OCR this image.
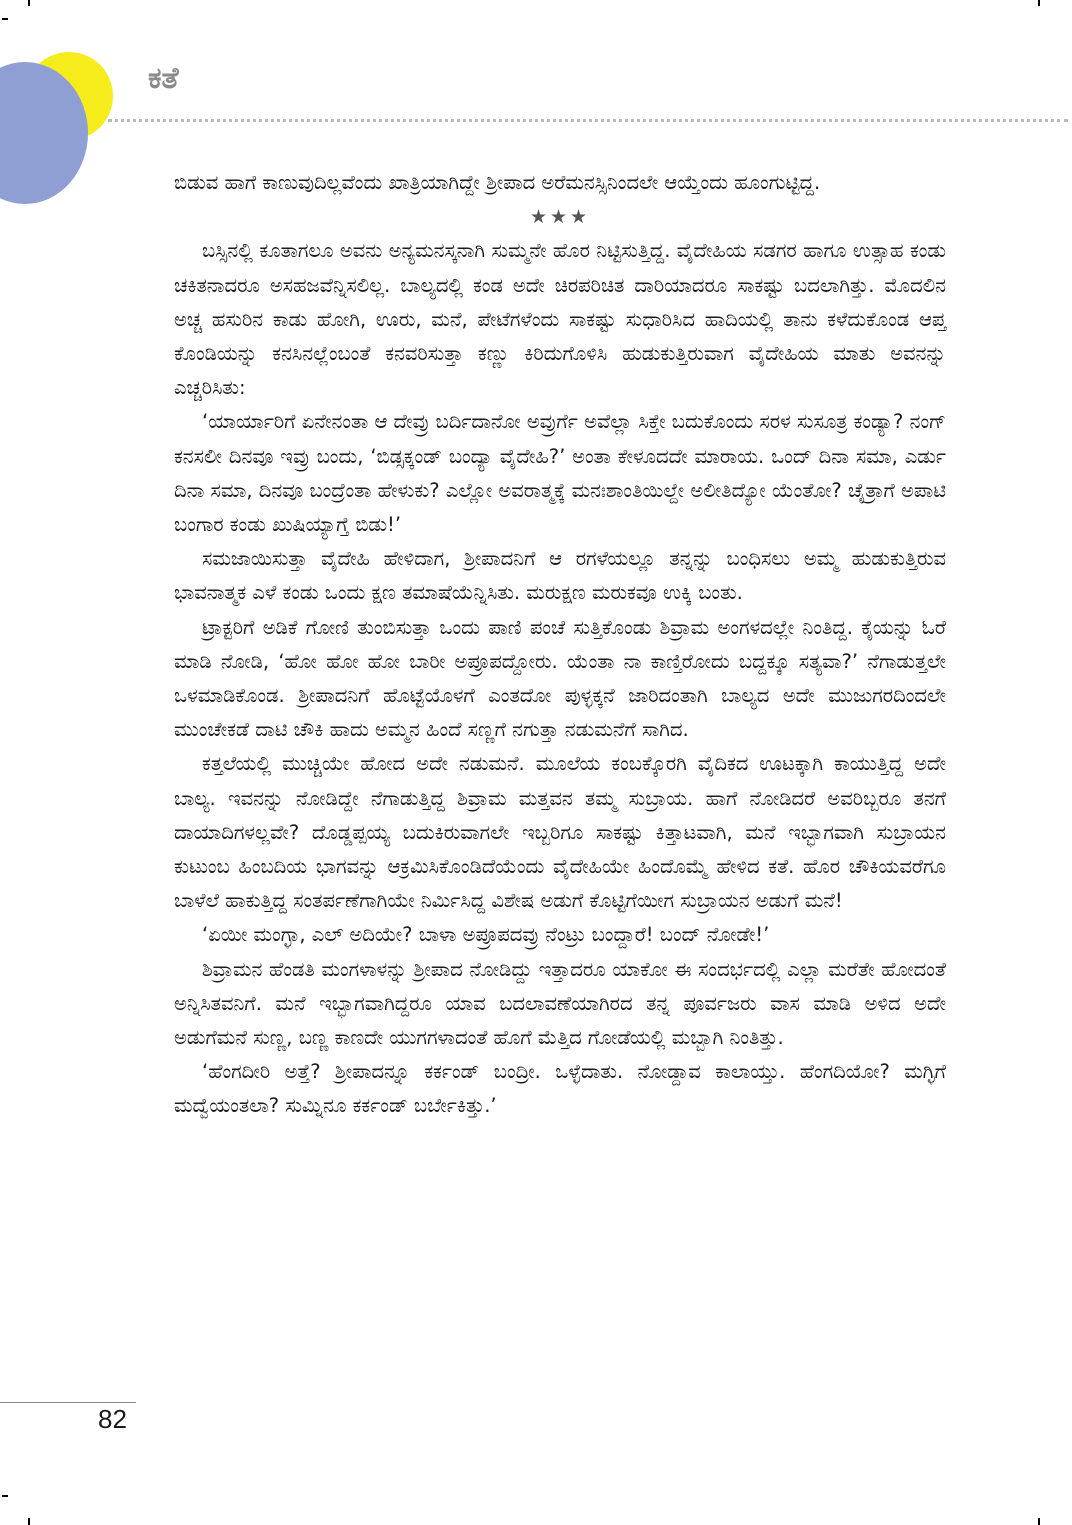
ಕತೆ

ಬಿಡುವ ಹಾಗೆ ಕಾಣುವುದಿಲ್ಲವೆಂದು ಖಾತ್ರಿಯಾಗಿದ್ದೇ ಶ್ರೀಪಾದ ಅರೆಮನಸ್ಸಿನಿಂದಲೇ ಆಯ್ತೆಂದು ಹೂಂಗುಟ್ಟಿದ್ದ.

★★★

ಬಸ್ಸಿನಲ್ಲಿ ಕೂತಾಗಲೂ ಅವನು ಅನ್ಯಮನಸ್ಕನಾಗಿ ಸುಮ್ಮನೇ ಹೊರ ನಿಟ್ಟಿಸುತ್ತಿದ್ದ. ವೈದೇಹಿಯ ಸಡಗರ ಹಾಗೂ ಉತ್ಸಾಹ ಕಂಡು ಚಕಿತನಾದರೂ ಅಸಹಜವೆನ್ನಿಸಲಿಲ್ಲ. ಬಾಲ್ಯದಲ್ಲಿ ಕಂಡ ಅದೇ ಚಿರಪರಿಚಿತ ದಾರಿಯಾದರೂ ಸಾಕಷ್ಟು ಬದಲಾಗಿತ್ತು. ಮೊದಲಿನ ಅಚ್ಚ ಹಸುರಿನ ಕಾಡು ಹೋಗಿ, ಊರು, ಮನೆ, ಪೇಟೆಗಳೆಂದು ಸಾಕಷ್ಟು ಸುಧಾರಿಸಿದ ಹಾದಿಯಲ್ಲಿ ತಾನು ಕಳೆದುಕೊಂಡ ಆಪ್ತ ಕೊಂಡಿಯನ್ನು ಕನಸಿನಲ್ಲೆಂಬಂತೆ ಕನವರಿಸುತ್ತಾ ಕಣ್ಣು ಕಿರಿದುಗೊಳಿಸಿ ಹುಡುಕುತ್ತಿರುವಾಗ ವೈದೇಹಿಯ ಮಾತು ಅವನನ್ನು ಎಚ್ಚರಿಸಿತು:

‘ಯಾರ್ಯಾರಿಗೆ ಏನೇನಂತಾ ಆ ದೇವ್ರು ಬರ್ದಿದಾನೋ ಅವ್ರುರ್ಗೆ ಅವೆಲ್ಲಾ ಸಿಕ್ತೇ ಬದುಕೊಂದು ಸರಳ ಸುಸೂತ್ರ ಕಂಡ್ಯಾ? ನಂಗ್ ಕನಸಲೀ ದಿನವೂ ಇವ್ರು ಬಂದು, ‘ಬಿಡ್ಸಕ್ಕಂಡ್ ಬಂದ್ಯಾ ವೈದೇಹಿ?’ ಅಂತಾ ಕೇಳೂದದೇ ಮಾರಾಯ. ಒಂದ್ ದಿನಾ ಸಮಾ, ಎರ್ಡು ದಿನಾ ಸಮಾ, ದಿನವೂ ಬಂದ್ರೆಂತಾ ಹೇಳುಕು? ಎಲ್ಲೋ ಅವರಾತ್ಮಕ್ಕೆ ಮನಃಶಾಂತಿಯಿಲ್ದೇ ಅಲೀತಿದ್ಯೋ ಯೆಂತೋ? ಚೈತ್ರಾಗೆ ಅಪಾಟಿ ಬಂಗಾರ ಕಂಡು ಖುಷಿಯ್ಯಾಗ್ತೆ ಬಿಡು!’

ಸಮಜಾಯಿಸುತ್ತಾ ವೈದೇಹಿ ಹೇಳಿದಾಗ, ಶ್ರೀಪಾದನಿಗೆ ಆ ರಗಳೆಯಲ್ಲೂ ತನ್ನನ್ನು ಬಂಧಿಸಲು ಅಮ್ಮ ಹುಡುಕುತ್ತಿರುವ ಭಾವನಾತ್ಮಕ ಎಳೆ ಕಂಡು ಒಂದು ಕ್ಷಣ ತಮಾಷೆಯೆನ್ನಿಸಿತು. ಮರುಕ್ಷಣ ಮರುಕವೂ ಉಕ್ಕಿ ಬಂತು.

ಟ್ರಾಕ್ಟರಿಗೆ ಅಡಿಕೆ ಗೋಣಿ ತುಂಬಿಸುತ್ತಾ ಒಂದು ಪಾಣಿ ಪಂಚೆ ಸುತ್ತಿಕೊಂಡು ಶಿವ್ರಾಮ ಅಂಗಳದಲ್ಲೇ ನಿಂತಿದ್ದ. ಕೈಯನ್ನು ಓರೆ ಮಾಡಿ ನೋಡಿ, ‘ಹೋ ಹೋ ಹೋ ಬಾರೀ ಅಪ್ರೂಪದ್ದೋರು. ಯೆಂತಾ ನಾ ಕಾಣ್ತಿರೋದು ಬದ್ದಕ್ಕೂ ಸತ್ಯವಾ?’ ನೆಗಾಡುತ್ತಲೇ ಒಳಮಾಡಿಕೊಂಡ. ಶ್ರೀಪಾದನಿಗೆ ಹೊಟ್ಟೆಯೊಳಗೆ ಎಂತದೋ ಪುಳ್ಳಕ್ಕನೆ ಜಾರಿದಂತಾಗಿ ಬಾಲ್ಯದ ಅದೇ ಮುಜುಗರದಿಂದಲೇ ಮುಂಚೇಕಡೆ ದಾಟಿ ಚೌಕಿ ಹಾದು ಅಮ್ಮನ ಹಿಂದೆ ಸಣ್ಣಗೆ ನಗುತ್ತಾ ನಡುಮನೆಗೆ ಸಾಗಿದ.

ಕತ್ತಲೆಯಲ್ಲಿ ಮುಚ್ಚಿಯೇ ಹೋದ ಅದೇ ನಡುಮನೆ. ಮೂಲೆಯ ಕಂಬಕ್ಕೊರಗಿ ವೈದಿಕದ ಊಟಕ್ಕಾಗಿ ಕಾಯುತ್ತಿದ್ದ ಅದೇ ಬಾಲ್ಯ. ಇವನನ್ನು ನೋಡಿದ್ದೇ ನೆಗಾಡುತ್ತಿದ್ದ ಶಿವ್ರಾಮ ಮತ್ತವನ ತಮ್ಮ ಸುಬ್ರಾಯ. ಹಾಗೆ ನೋಡಿದರೆ ಅವರಿಬ್ಬರೂ ತನಗೆ ದಾಯಾದಿಗಳಲ್ಲವೇ? ದೊಡ್ಡಪ್ಪಯ್ಯ ಬದುಕಿರುವಾಗಲೇ ಇಬ್ಬರಿಗೂ ಸಾಕಷ್ಟು ಕಿತ್ತಾಟವಾಗಿ, ಮನೆ ಇಬ್ಭಾಗವಾಗಿ ಸುಬ್ರಾಯನ ಕುಟುಂಬ ಹಿಂಬದಿಯ ಭಾಗವನ್ನು ಆಕ್ರಮಿಸಿಕೊಂಡಿದೆಯೆಂದು ವೈದೇಹಿಯೇ ಹಿಂದೊಮ್ಮೆ ಹೇಳಿದ ಕತೆ. ಹೊರ ಚೌಕಿಯವರೆಗೂ ಬಾಳೆಲೆ ಹಾಕುತ್ತಿದ್ದ ಸಂತರ್ಪಣೆಗಾಗಿಯೇ ನಿರ್ಮಿಸಿದ್ದ ವಿಶೇಷ ಅಡುಗೆ ಕೊಟ್ಟಿಗೆಯೀಗ ಸುಬ್ರಾಯನ ಅಡುಗೆ ಮನೆ!

‘ಏಯೀ ಮಂಗ್ಳಾ, ಎಲ್ ಅದಿಯೇ? ಬಾಳಾ ಅಪ್ರೂಪದವ್ರು ನೆಂಟ್ರು ಬಂದ್ದಾರೆ! ಬಂದ್ ನೋಡೇ!’

ಶಿವ್ರಾಮನ ಹೆಂಡತಿ ಮಂಗಳಾಳನ್ನು ಶ್ರೀಪಾದ ನೋಡಿದ್ದು ಇತ್ತಾದರೂ ಯಾಕೋ ಈ ಸಂದರ್ಭದಲ್ಲಿ ಎಲ್ಲಾ ಮರೆತೇ ಹೋದಂತೆ ಅನ್ನಿಸಿತವನಿಗೆ. ಮನೆ ಇಬ್ಭಾಗವಾಗಿದ್ದರೂ ಯಾವ ಬದಲಾವಣೆಯಾಗಿರದ ತನ್ನ ಪೂರ್ವಜರು ವಾಸ ಮಾಡಿ ಅಳಿದ ಅದೇ ಅಡುಗೆಮನೆ ಸುಣ್ಣ, ಬಣ್ಣ ಕಾಣದೇ ಯುಗಗಳಾದಂತೆ ಹೊಗೆ ಮೆತ್ತಿದ ಗೋಡೆಯಲ್ಲಿ ಮಬ್ಬಾಗಿ ನಿಂತಿತ್ತು.

‘ಹೆಂಗದೀರಿ ಅತ್ತೆ? ಶ್ರೀಪಾದನ್ನೂ ಕರ್ಕಂಡ್ ಬಂದ್ರೀ. ಒಳ್ಳೆದಾತು. ನೋಡ್ದಾವ ಕಾಲಾಯ್ತು. ಹೆಂಗದಿಯೋ? ಮಗ್ಳಿಗೆ ಮದ್ವೆಯಂತಲಾ? ಸುಮ್ನಿನೂ ಕರ್ಕಂಡ್ ಬರ್ಬೇಕಿತ್ತು.’

82
